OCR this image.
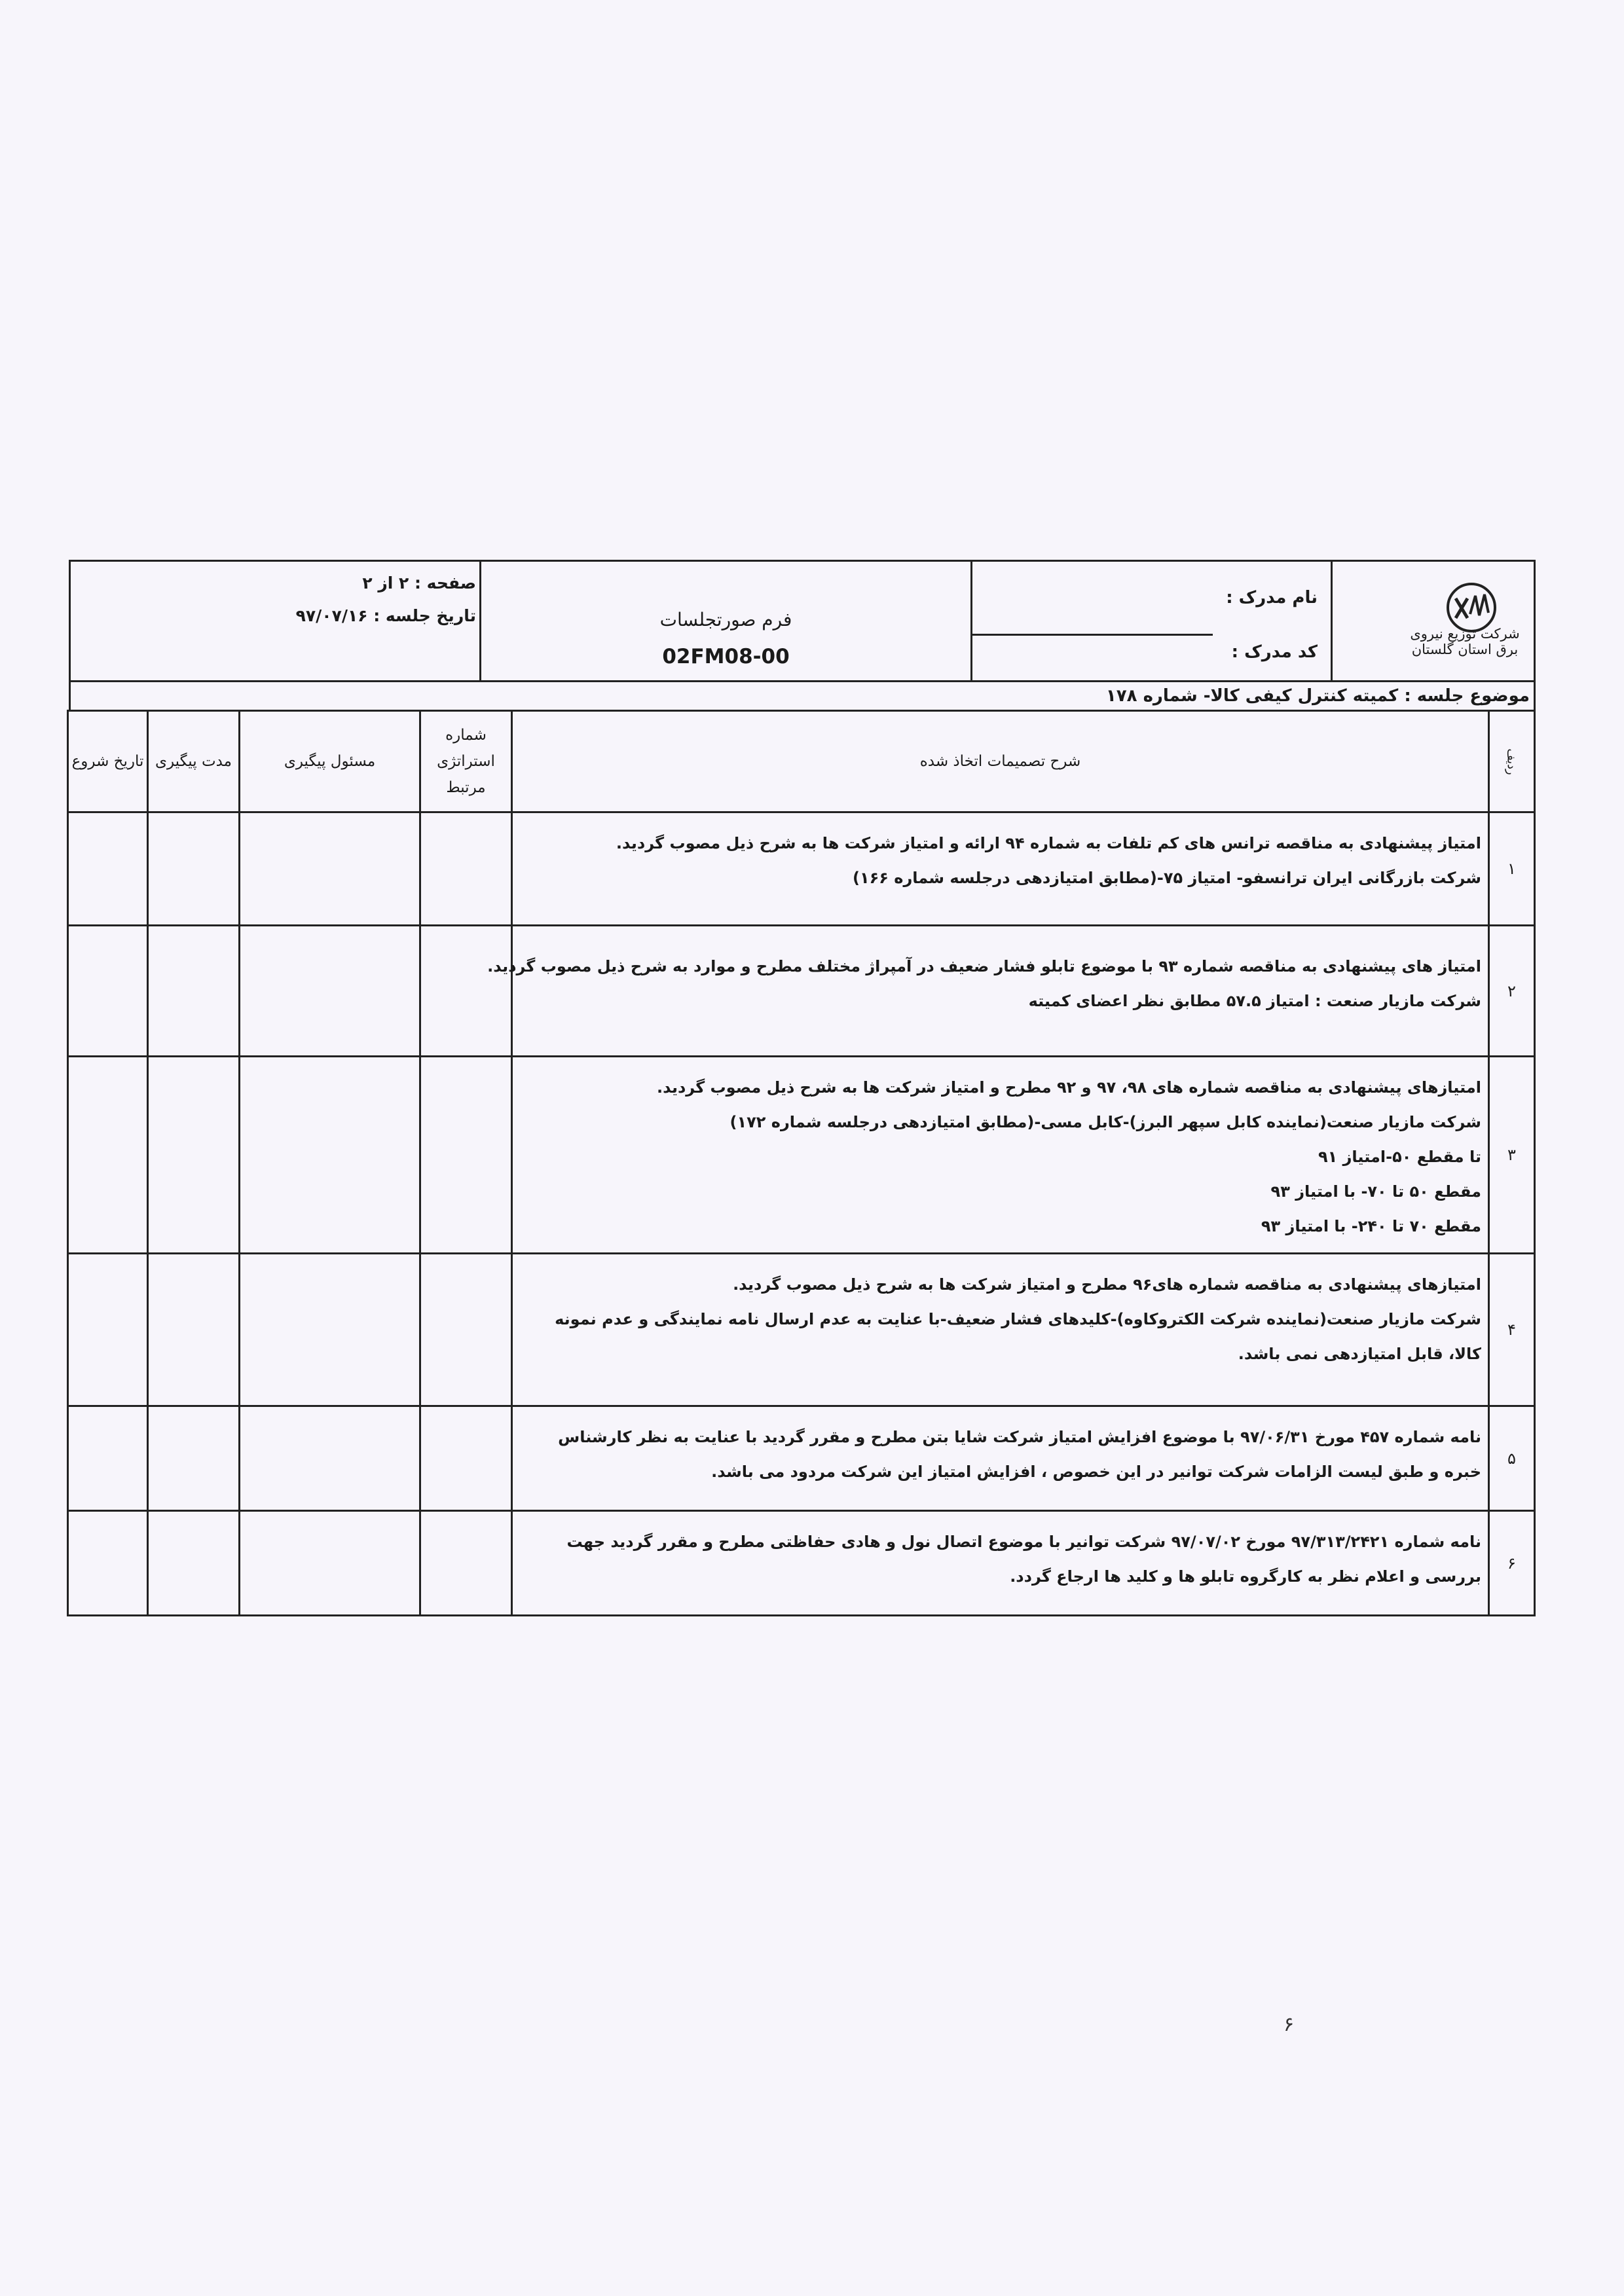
شرکت توزیع نیروی برق استان گلستان
نام مدرک :
کد مدرک :
فرم صورتجلسات
02FM08-00
صفحه : ۲ از ۲
تاریخ جلسه : ۹۷/۰۷/۱۶
موضوع جلسه : کمیته کنترل کیفی کالا- شماره ۱۷۸
ردیف	شرح تصمیمات اتخاذ شده	شماره استراتژی مرتبط	مسئول پیگیری	مدت پیگیری	تاریخ شروع
۱	امتیاز پیشنهادی به مناقصه ترانس های کم تلفات به شماره ۹۴ ارائه و امتیاز شرکت ها به شرح ذیل مصوب گردید.
شرکت بازرگانی ایران ترانسفو- امتیاز ۷۵-(مطابق امتیازدهی درجلسه شماره ۱۶۶)				

۲	امتیاز های پیشنهادی به مناقصه شماره ۹۳ با موضوع تابلو فشار ضعیف در آمپراژ مختلف مطرح و موارد به شرح ذیل مصوب گردید.
شرکت مازیار صنعت : امتیاز ۵۷.۵ مطابق نظر اعضای کمیته				

۳	امتیازهای پیشنهادی به مناقصه شماره های ۹۸، ۹۷ و ۹۲ مطرح و امتیاز شرکت ها به شرح ذیل مصوب گردید.
شرکت مازیار صنعت(نماینده کابل سپهر البرز)-کابل مسی-(مطابق امتیازدهی درجلسه شماره ۱۷۲)
تا مقطع ۵۰-امتیاز ۹۱
مقطع ۵۰ تا ۷۰- با امتیاز ۹۳
مقطع ۷۰ تا ۲۴۰- با امتیاز ۹۳				

۴	امتیازهای پیشنهادی به مناقصه شماره های۹۶ مطرح و امتیاز شرکت ها به شرح ذیل مصوب گردید.
شرکت مازیار صنعت(نماینده شرکت الکتروکاوه)-کلیدهای فشار ضعیف-با عنایت به عدم ارسال نامه نمایندگی و عدم نمونه کالا، قابل امتیازدهی نمی باشد.				

۵	نامه شماره ۴۵۷ مورخ ۹۷/۰۶/۳۱ با موضوع افزایش امتیاز شرکت شایا بتن مطرح و مقرر گردید با عنایت به نظر کارشناس خبره و طبق لیست الزامات شرکت توانیر در این خصوص ، افزایش امتیاز این شرکت مردود می باشد.				

۶	نامه شماره ۹۷/۳۱۳/۲۴۲۱ مورخ ۹۷/۰۷/۰۲ شرکت توانیر با موضوع اتصال نول و هادی حفاظتی مطرح و مقرر گردید جهت بررسی و اعلام نظر به کارگروه تابلو ها و کلید ها ارجاع گردد.				

۶
